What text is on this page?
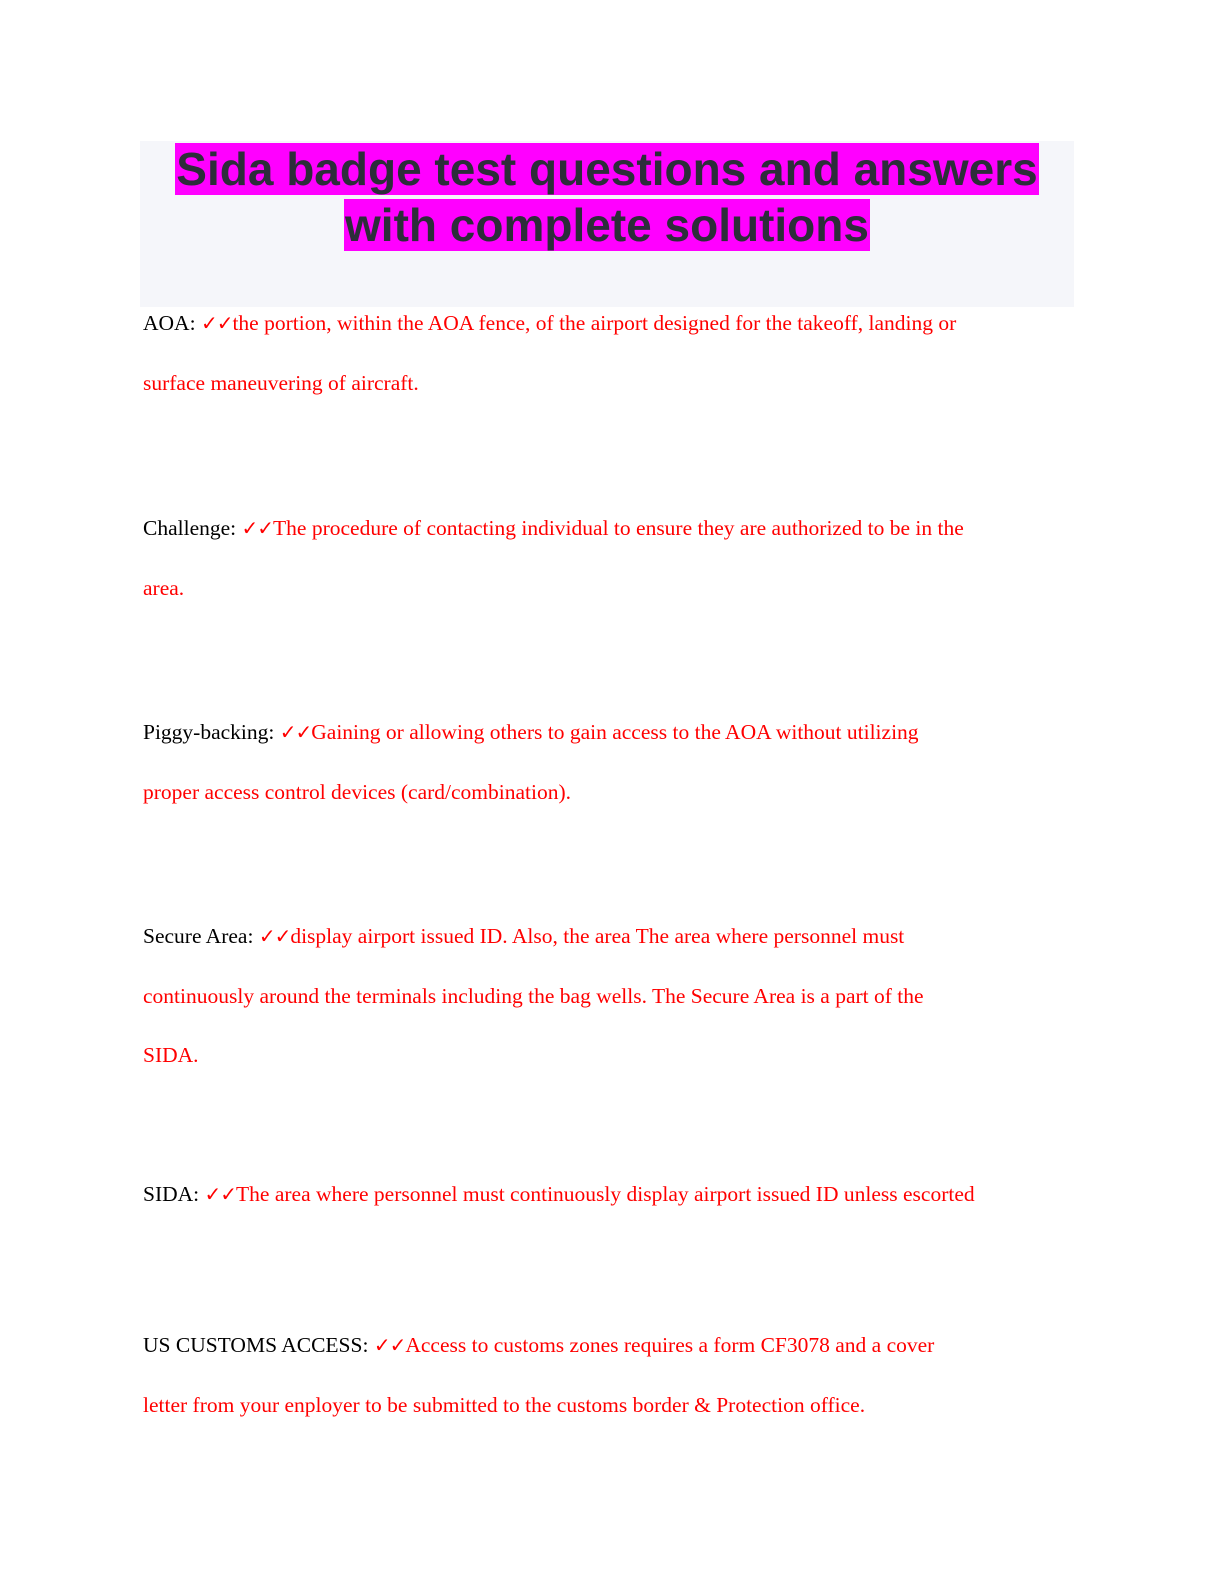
Sida badge test questions and answers
with complete solutions

AOA: ✓✓the portion, within the AOA fence, of the airport designed for the takeoff, landing or
surface maneuvering of aircraft.

Challenge: ✓✓The procedure of contacting individual to ensure they are authorized to be in the
area.

Piggy-backing: ✓✓Gaining or allowing others to gain access to the AOA without utilizing
proper access control devices (card/combination).

Secure Area: ✓✓display airport issued ID. Also, the area The area where personnel must
continuously around the terminals including the bag wells. The Secure Area is a part of the
SIDA.

SIDA: ✓✓The area where personnel must continuously display airport issued ID unless escorted

US CUSTOMS ACCESS: ✓✓Access to customs zones requires a form CF3078 and a cover
letter from your enployer to be submitted to the customs border & Protection office.
